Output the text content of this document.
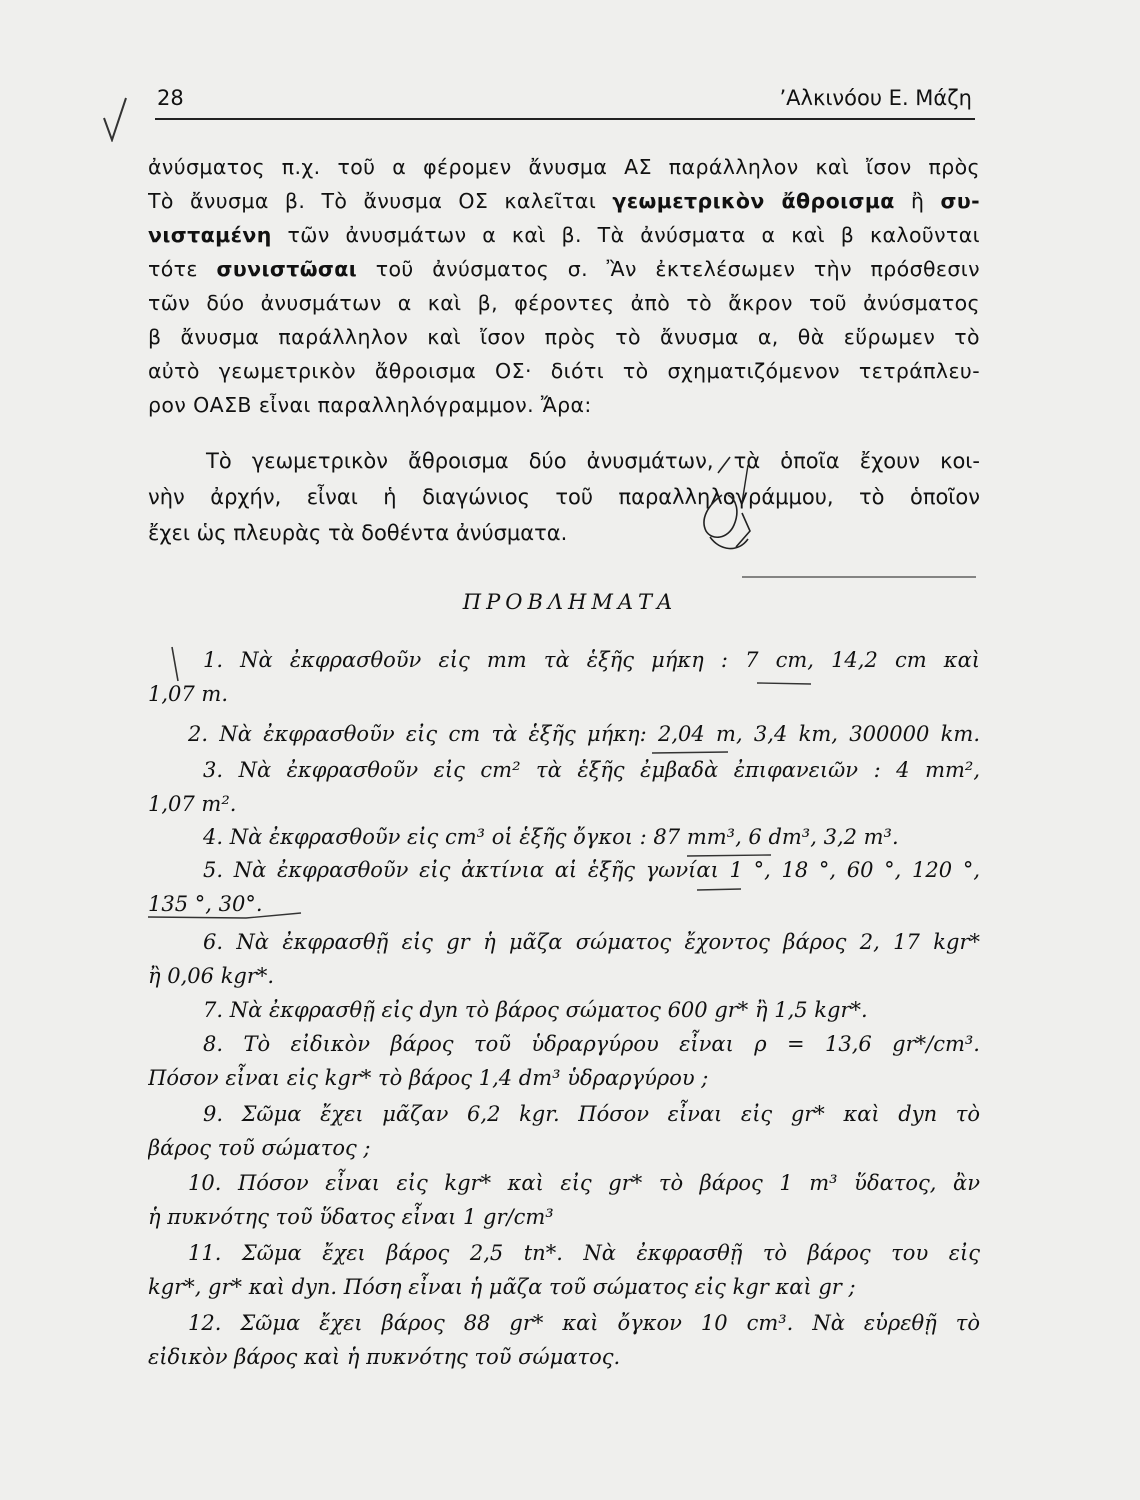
28	’Αλκινόου Ε. Μάζη
ἀνύσματος π.χ. τοῦ α φέρομεν ἄνυσμα ΑΣ παράλληλον καὶ ἴσον πρὸς
Τὸ ἄνυσμα β. Τὸ ἄνυσμα ΟΣ καλεῖται γεωμετρικὸν ἄθροισμα ἢ συ-
νισταμένη τῶν ἀνυσμάτων α καὶ β. Τὰ ἀνύσματα α καὶ β καλοῦνται
τότε συνιστῶσαι τοῦ ἀνύσματος σ. Ἂν ἐκτελέσωμεν τὴν πρόσθεσιν
τῶν δύο ἀνυσμάτων α καὶ β, φέροντες ἀπὸ τὸ ἄκρον τοῦ ἀνύσματος
β ἄνυσμα παράλληλον καὶ ἴσον πρὸς τὸ ἄνυσμα α, θὰ εὕρωμεν τὸ
αὐτὸ γεωμετρικὸν ἄθροισμα ΟΣ· διότι τὸ σχηματιζόμενον τετράπλευ-
ρον ΟΑΣΒ εἶναι παραλληλόγραμμον. Ἄρα:
Τὸ γεωμετρικὸν ἄθροισμα δύο ἀνυσμάτων, τὰ ὁποῖα ἔχουν κοι-
νὴν ἀρχήν, εἶναι ἡ διαγώνιος τοῦ παραλληλογράμμου, τὸ ὁποῖον
ἔχει ὡς πλευρὰς τὰ δοθέντα ἀνύσματα.
ΠΡΟΒΛΗΜΑΤΑ
1. Νὰ ἐκφρασθοῦν εἰς mm τὰ ἑξῆς μήκη : 7 cm, 14,2 cm καὶ
1,07 m.
2. Νὰ ἐκφρασθοῦν εἰς cm τὰ ἑξῆς μήκη: 2,04 m, 3,4 km, 300000 km.
3. Νὰ ἐκφρασθοῦν εἰς cm² τὰ ἑξῆς ἐμβαδὰ ἐπιφανειῶν : 4 mm²,
1,07 m².
4. Νὰ ἐκφρασθοῦν εἰς cm³ οἱ ἑξῆς ὄγκοι : 87 mm³, 6 dm³, 3,2 m³.
5. Νὰ ἐκφρασθοῦν εἰς ἀκτίνια αἱ ἑξῆς γωνίαι 1 °, 18 °, 60 °, 120 °,
135 °, 30°.
6. Νὰ ἐκφρασθῇ εἰς gr ἡ μᾶζα σώματος ἔχοντος βάρος 2, 17 kgr*
ἢ 0,06 kgr*.
7. Νὰ ἐκφρασθῇ εἰς dyn τὸ βάρος σώματος 600 gr* ἢ 1,5 kgr*.
8. Τὸ εἰδικὸν βάρος τοῦ ὑδραργύρου εἶναι ρ = 13,6 gr*/cm³.
Πόσον εἶναι εἰς kgr* τὸ βάρος 1,4 dm³ ὑδραργύρου ;
9. Σῶμα ἔχει μᾶζαν 6,2 kgr. Πόσον εἶναι εἰς gr* καὶ dyn τὸ
βάρος τοῦ σώματος ;
10. Πόσον εἶναι εἰς kgr* καὶ εἰς gr* τὸ βάρος 1 m³ ὕδατος, ἂν
ἡ πυκνότης τοῦ ὕδατος εἶναι 1 gr/cm³
11. Σῶμα ἔχει βάρος 2,5 tn*. Νὰ ἐκφρασθῇ τὸ βάρος του εἰς
kgr*, gr* καὶ dyn. Πόση εἶναι ἡ μᾶζα τοῦ σώματος εἰς kgr καὶ gr ;
12. Σῶμα ἔχει βάρος 88 gr* καὶ ὄγκον 10 cm³. Νὰ εὑρεθῇ τὸ
εἰδικὸν βάρος καὶ ἡ πυκνότης τοῦ σώματος.
